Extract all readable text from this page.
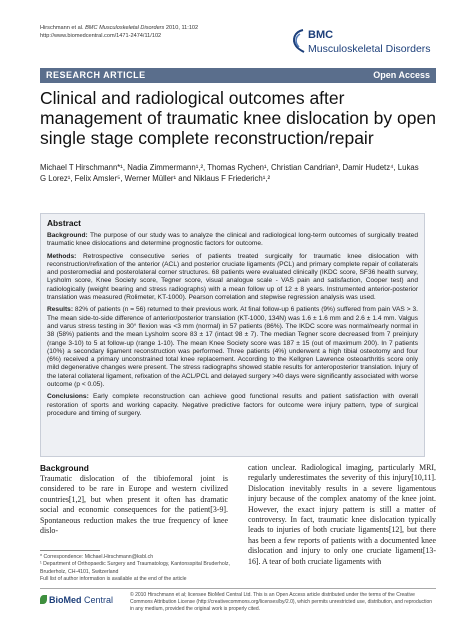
Hirschmann et al. BMC Musculoskeletal Disorders 2010, 11:102
http://www.biomedcentral.com/1471-2474/11/102	BMC
Musculoskeletal Disorders
RESEARCH ARTICLE	Open Access
Clinical and radiological outcomes after management of traumatic knee dislocation by open single stage complete reconstruction/repair
Michael T Hirschmann*¹, Nadia Zimmermann¹,², Thomas Rychen¹, Christian Candrian³, Damir Hudetz⁴, Lukas G Lorez¹, Felix Amsler⁵, Werner Müller¹ and Niklaus F Friederich¹,²
Abstract

Background: The purpose of our study was to analyze the clinical and radiological long-term outcomes of surgically treated traumatic knee dislocations and determine prognostic factors for outcome.

Methods: Retrospective consecutive series of patients treated surgically for traumatic knee dislocation with reconstruction/refixation of the anterior (ACL) and posterior cruciate ligaments (PCL) and primary complete repair of collaterals and posteromedial and posterolateral corner structures. 68 patients were evaluated clinically (IKDC score, SF36 health survey, Lysholm score, Knee Society score, Tegner score, visual analogue scale - VAS pain and satisfaction, Cooper test) and radiologically (weight bearing and stress radiographs) with a mean follow up of 12 ± 8 years. Instrumented anterior-posterior translation was measured (Rolimeter, KT-1000). Pearson correlation and stepwise regression analysis was used.

Results: 82% of patients (n = 56) returned to their previous work. At final follow-up 6 patients (9%) suffered from pain VAS > 3. The mean side-to-side difference of anterior/posterior translation (KT-1000, 134N) was 1.6 ± 1.6 mm and 2.6 ± 1.4 mm. Valgus and varus stress testing in 30° flexion was <3 mm (normal) in 57 patients (86%). The IKDC score was normal/nearly normal in 38 (58%) patients and the mean Lysholm score 83 ± 17 (intact 98 ± 7). The median Tegner score decreased from 7 preinjury (range 3-10) to 5 at follow-up (range 1-10). The mean Knee Society score was 187 ± 15 (out of maximum 200). In 7 patients (10%) a secondary ligament reconstruction was performed. Three patients (4%) underwent a high tibial osteotomy and four (6%) received a primary unconstrained total knee replacement. According to the Kellgren Lawrence osteoarthritis score only mild degenerative changes were present. The stress radiographs showed stable results for anteroposterior translation. Injury of the lateral collateral ligament, refixation of the ACL/PCL and delayed surgery >40 days were significantly associated with worse outcome (p < 0.05).

Conclusions: Early complete reconstruction can achieve good functional results and patient satisfaction with overall restoration of sports and working capacity. Negative predictive factors for outcome were injury pattern, type of surgical procedure and timing of surgery.

Background

Traumatic dislocation of the tibiofemoral joint is considered to be rare in Europe and western civilized countries[1,2], but when present it often has dramatic social and economic consequences for the patient[3-9]. Spontaneous reduction makes the true frequency of knee dislo-

cation unclear. Radiological imaging, particularly MRI, regularly underestimates the severity of this injury[10,11]. Dislocation inevitably results in a severe ligamentous injury because of the complex anatomy of the knee joint. However, the exact injury pattern is still a matter of controversy. In fact, traumatic knee dislocation typically leads to injuries of both cruciate ligaments[12], but there has been a few reports of patients with a documented knee dislocation and injury to only one cruciate ligament[13-16]. A tear of both cruciate ligaments with

* Correspondence: Michael.Hirschmann@ksbl.ch
¹ Department of Orthopaedic Surgery and Traumatology, Kantonsspital Bruderholz, Bruderholz, CH-4101, Switzerland
Full list of author information is available at the end of the article
BioMed Central	© 2010 Hirschmann et al; licensee BioMed Central Ltd. This is an Open Access article distributed under the terms of the Creative Commons Attribution License (http://creativecommons.org/licenses/by/2.0), which permits unrestricted use, distribution, and reproduction in any medium, provided the original work is properly cited.
